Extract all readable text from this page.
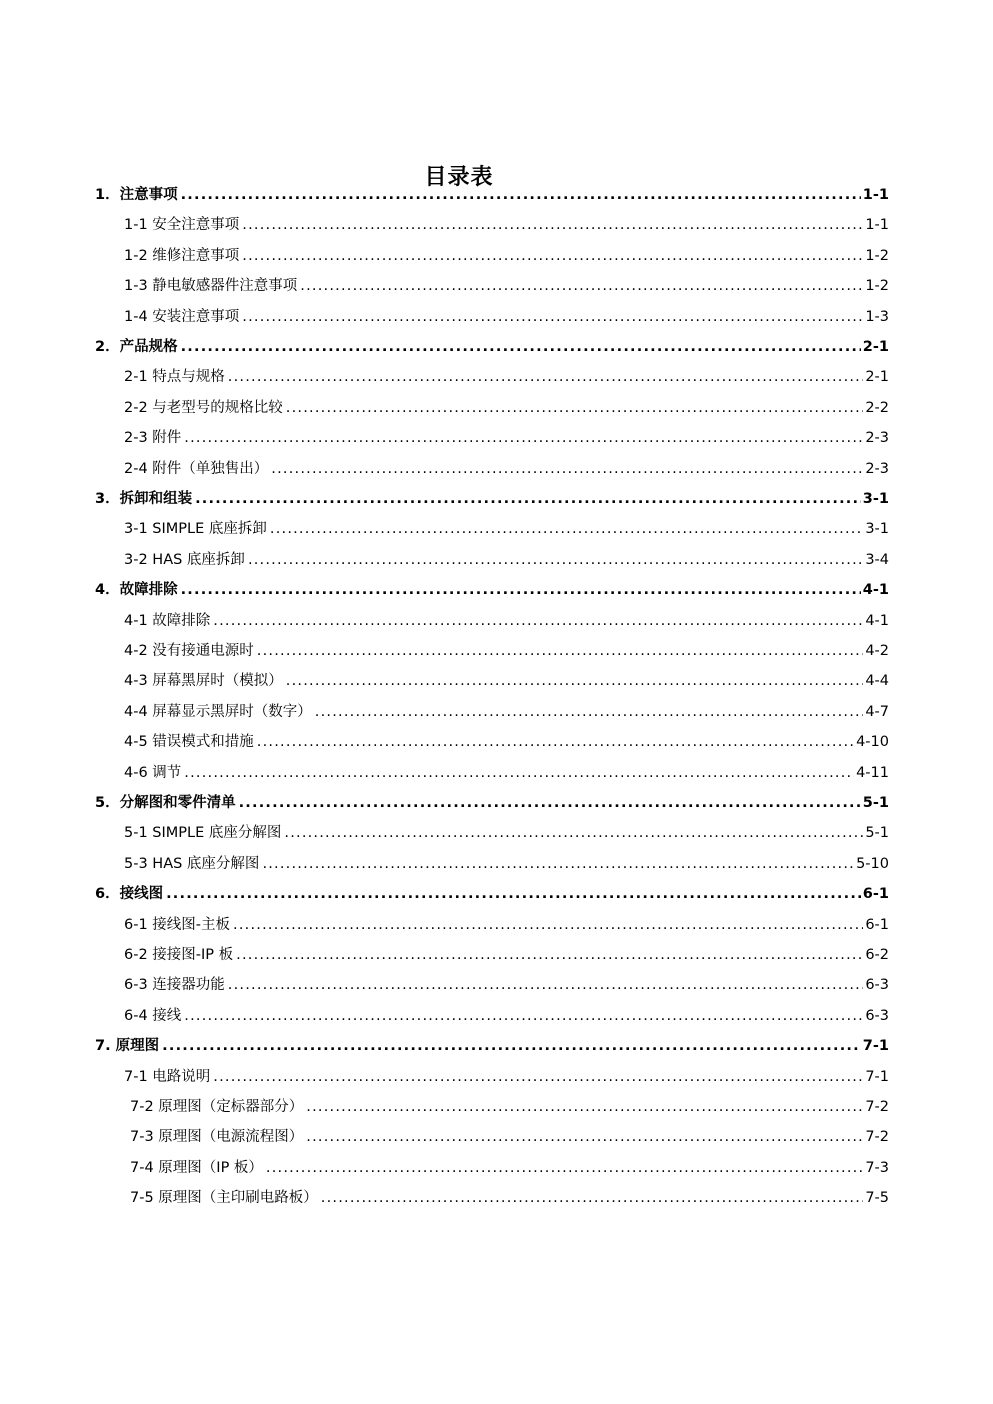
目录表
1．注意事项 .....	1-1
1-1 安全注意事项 .....	1-1
1-2 维修注意事项 .....	1-2
1-3 静电敏感器件注意事项 .....	1-2
1-4 安装注意事项 .....	1-3
2．产品规格 .....	2-1
2-1 特点与规格 .....	2-1
2-2 与老型号的规格比较 .....	2-2
2-3 附件 .....	2-3
2-4 附件（单独售出） .....	2-3
3．拆卸和组装 .....	3-1
3-1 SIMPLE 底座拆卸 .....	3-1
3-2 HAS 底座拆卸 .....	3-4
4．故障排除 .....	4-1
4-1 故障排除 .....	4-1
4-2 没有接通电源时 .....	4-2
4-3 屏幕黑屏时（模拟） .....	4-4
4-4 屏幕显示黑屏时（数字） .....	4-7
4-5 错误模式和措施 .....	4-10
4-6 调节 .....	4-11
5．分解图和零件清单 .....	5-1
5-1 SIMPLE 底座分解图 .....	5-1
5-3 HAS 底座分解图 .....	5-10
6．接线图 .....	6-1
6-1 接线图-主板 .....	6-1
6-2 接接图-IP 板 .....	6-2
6-3 连接器功能 .....	6-3
6-4 接线 .....	6-3
7. 原理图 .....	7-1
7-1 电路说明 .....	7-1
7-2 原理图（定标器部分） .....	7-2
7-3 原理图（电源流程图） .....	7-2
7-4 原理图（IP 板） .....	7-3
7-5 原理图（主印刷电路板） .....	7-5
